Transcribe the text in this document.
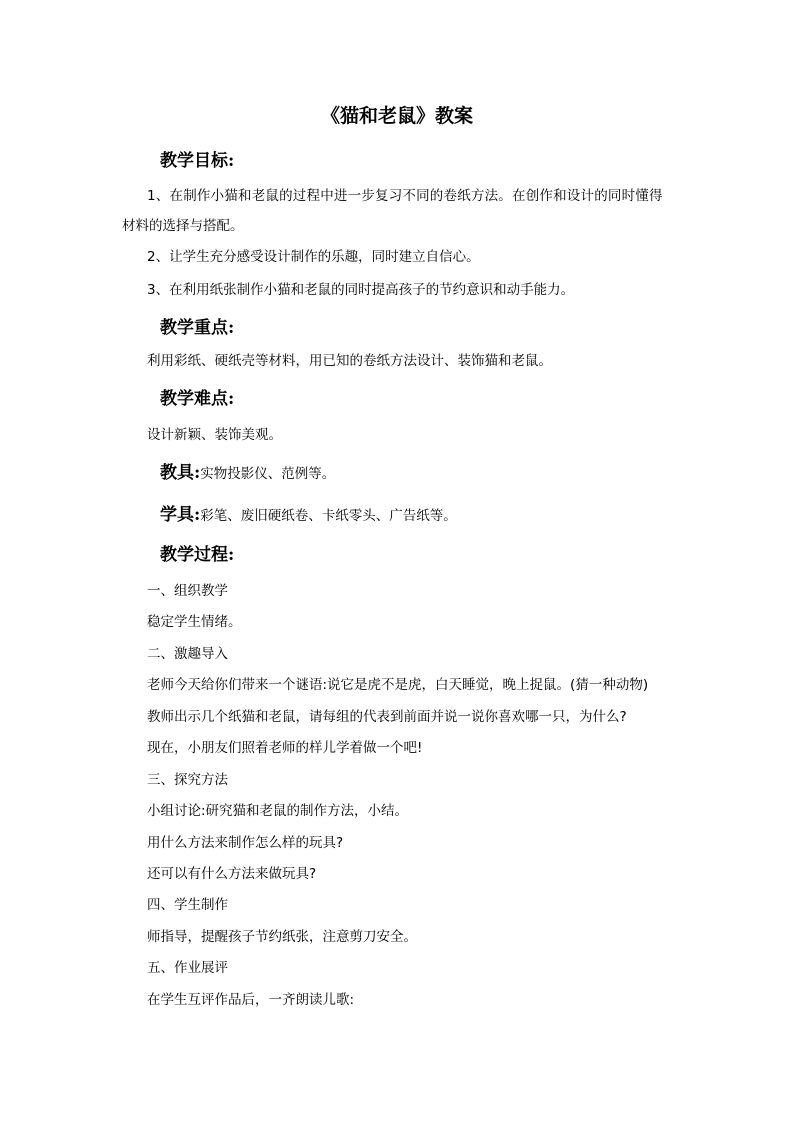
《猫和老鼠》教案
教学目标:
1、在制作小猫和老鼠的过程中进一步复习不同的卷纸方法。在创作和设计的同时懂得
材料的选择与搭配。
2、让学生充分感受设计制作的乐趣，同时建立自信心。
3、在利用纸张制作小猫和老鼠的同时提高孩子的节约意识和动手能力。
教学重点:
利用彩纸、硬纸壳等材料，用已知的卷纸方法设计、装饰猫和老鼠。
教学难点:
设计新颖、装饰美观。
教具:实物投影仪、范例等。
学具:彩笔、废旧硬纸卷、卡纸零头、广告纸等。
教学过程:
一、组织教学
稳定学生情绪。
二、激趣导入
老师今天给你们带来一个谜语:说它是虎不是虎，白天睡觉，晚上捉鼠。(猜一种动物)
教师出示几个纸猫和老鼠，请每组的代表到前面并说一说你喜欢哪一只，为什么?
现在，小朋友们照着老师的样儿学着做一个吧!
三、探究方法
小组讨论:研究猫和老鼠的制作方法，小结。
用什么方法来制作怎么样的玩具?
还可以有什么方法来做玩具?
四、学生制作
师指导，提醒孩子节约纸张，注意剪刀安全。
五、作业展评
在学生互评作品后，一齐朗读儿歌:
